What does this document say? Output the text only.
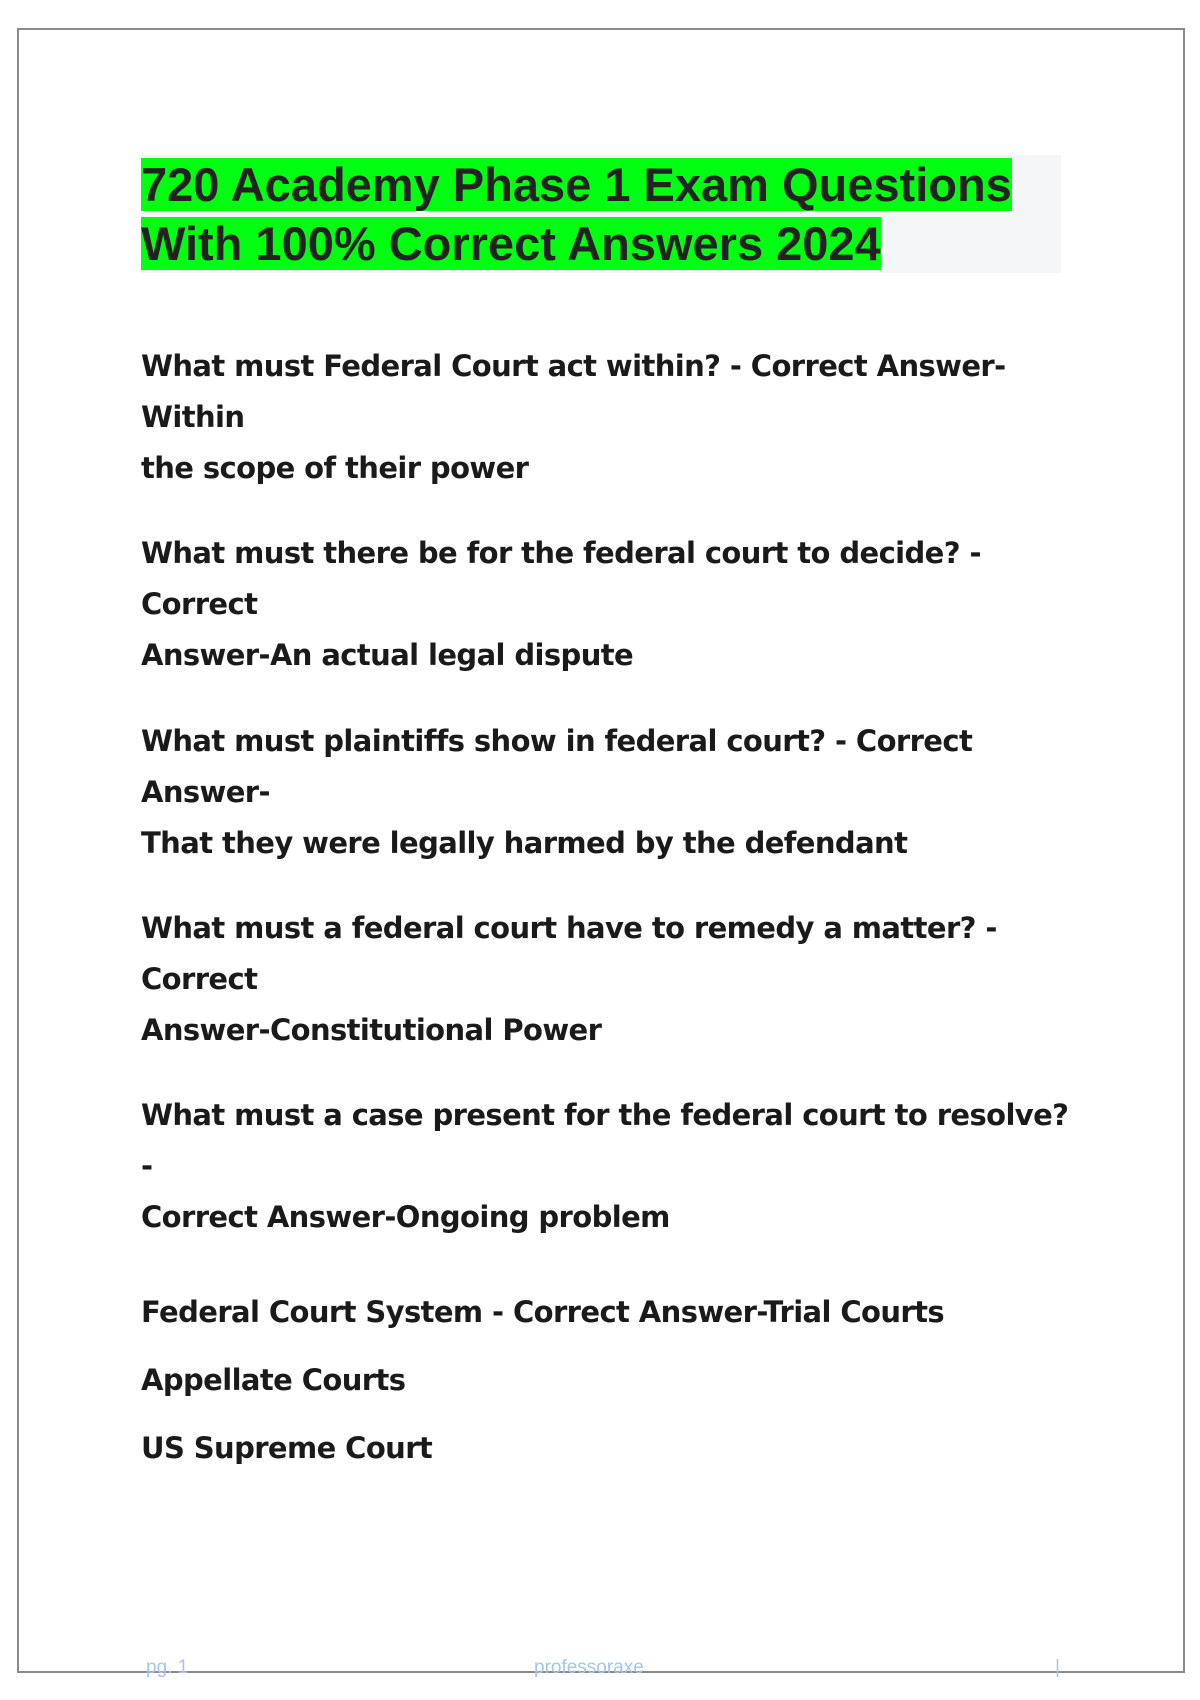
720 Academy Phase 1 Exam Questions
With 100% Correct Answers 2024

What must Federal Court act within? - Correct Answer-Within
the scope of their power

What must there be for the federal court to decide? - Correct
Answer-An actual legal dispute

What must plaintiffs show in federal court? - Correct Answer-
That they were legally harmed by the defendant

What must a federal court have to remedy a matter? - Correct
Answer-Constitutional Power

What must a case present for the federal court to resolve? -
Correct Answer-Ongoing problem

Federal Court System - Correct Answer-Trial Courts

Appellate Courts

US Supreme Court

pg. 1	professoraxe	|
